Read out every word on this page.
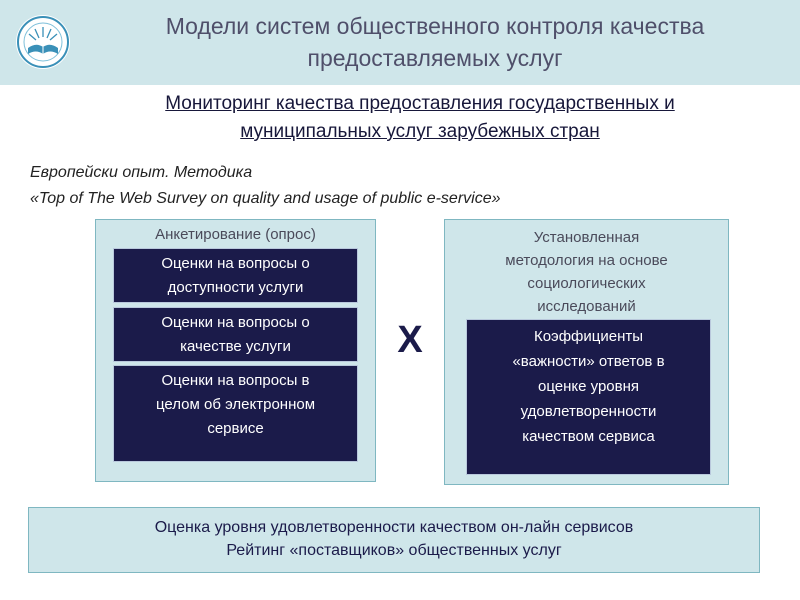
Модели систем общественного контроля качества
предоставляемых услуг
Мониторинг качества предоставления государственных и
муниципальных услуг зарубежных стран
Европейски опыт. Методика
«Top of The Web Survey on quality and usage of public e-service»
Анкетирование (опрос)
Оценки на вопросы о
доступности услуги
Оценки на вопросы о
качестве услуги
Оценки на вопросы в
целом об электронном
сервисе
X
Установленная
методология на основе
социологических
исследований
Коэффициенты
«важности» ответов в
оценке уровня
удовлетворенности
качеством сервиса
Оценка уровня удовлетворенности качеством он-лайн сервисов
Рейтинг «поставщиков» общественных услуг
